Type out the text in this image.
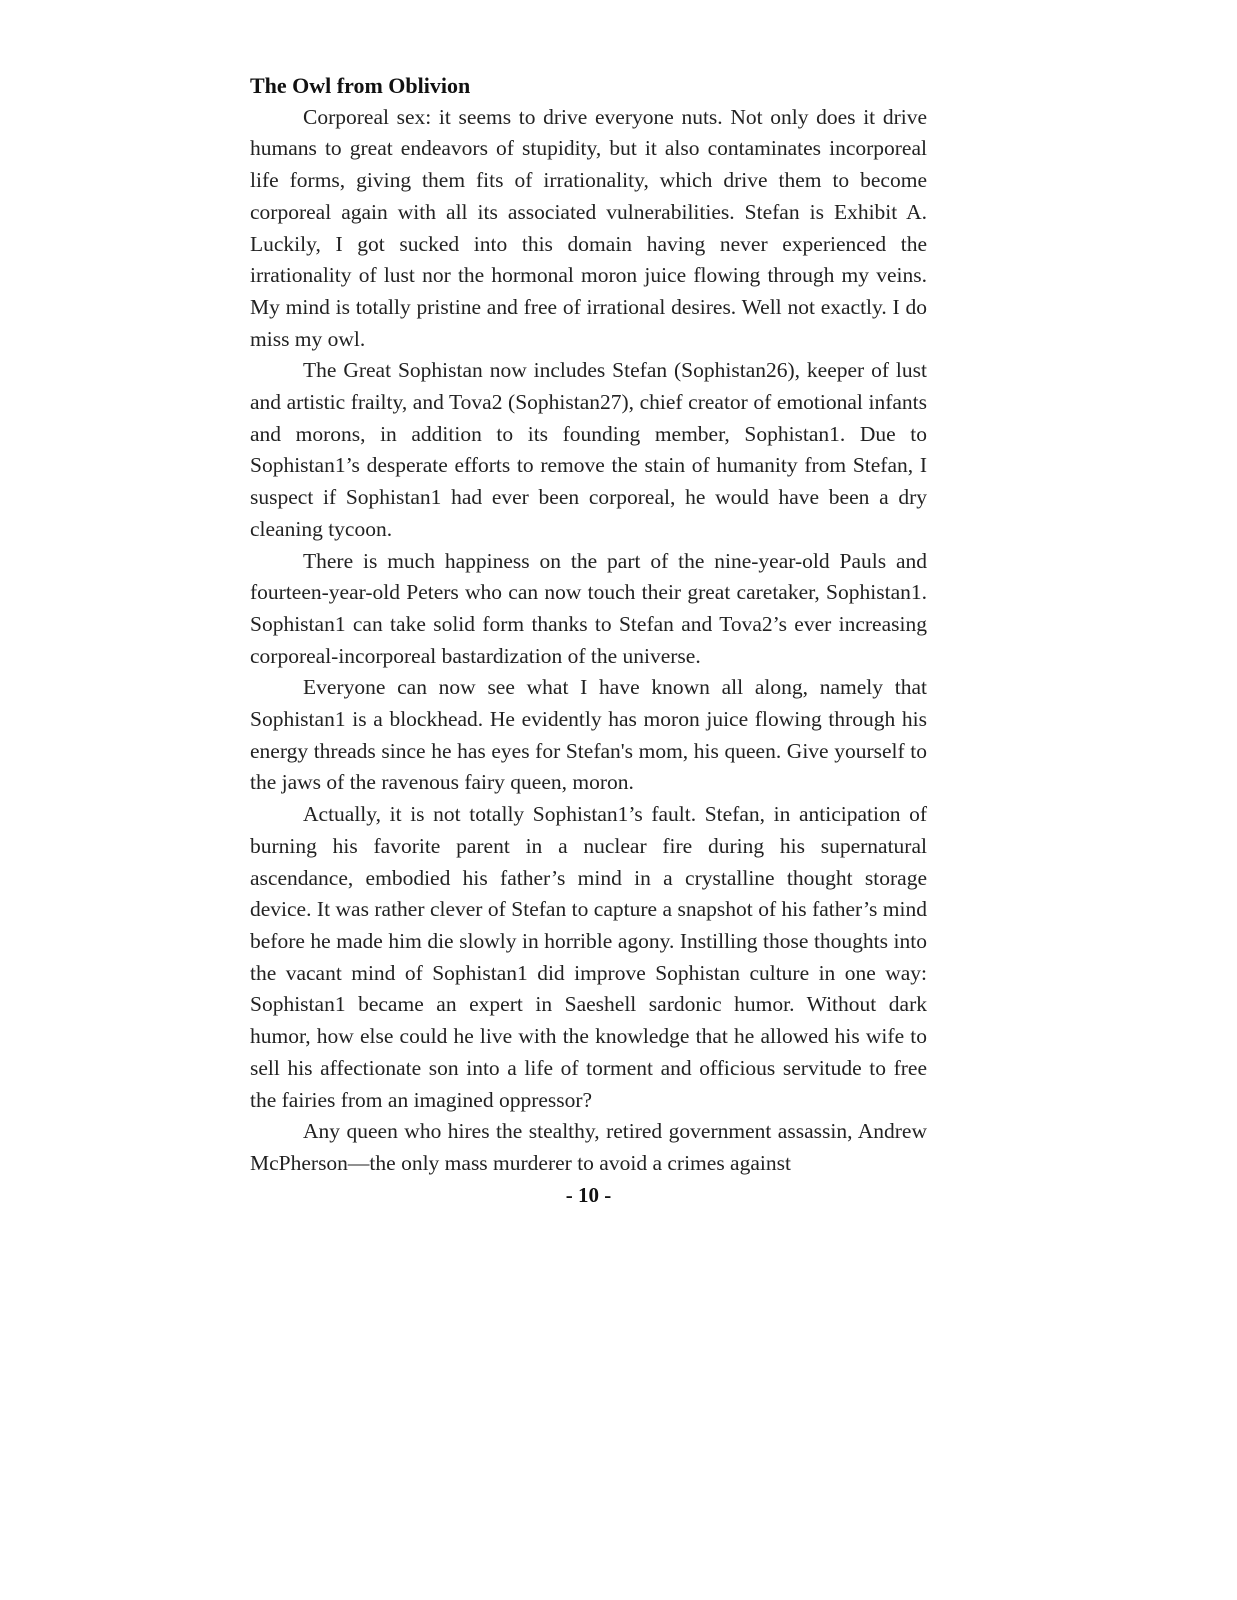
The Owl from Oblivion

Corporeal sex: it seems to drive everyone nuts. Not only does it drive humans to great endeavors of stupidity, but it also contaminates incorporeal life forms, giving them fits of irrationality, which drive them to become corporeal again with all its associated vulnerabilities. Stefan is Exhibit A. Luckily, I got sucked into this domain having never experienced the irrationality of lust nor the hormonal moron juice flowing through my veins. My mind is totally pristine and free of irrational desires. Well not exactly. I do miss my owl.

The Great Sophistan now includes Stefan (Sophistan26), keeper of lust and artistic frailty, and Tova2 (Sophistan27), chief creator of emotional infants and morons, in addition to its founding member, Sophistan1. Due to Sophistan1’s desperate efforts to remove the stain of humanity from Stefan, I suspect if Sophistan1 had ever been corporeal, he would have been a dry cleaning tycoon.

There is much happiness on the part of the nine-year-old Pauls and fourteen-year-old Peters who can now touch their great caretaker, Sophistan1. Sophistan1 can take solid form thanks to Stefan and Tova2’s ever increasing corporeal-incorporeal bastardization of the universe.

Everyone can now see what I have known all along, namely that Sophistan1 is a blockhead. He evidently has moron juice flowing through his energy threads since he has eyes for Stefan's mom, his queen. Give yourself to the jaws of the ravenous fairy queen, moron.

Actually, it is not totally Sophistan1’s fault. Stefan, in anticipation of burning his favorite parent in a nuclear fire during his supernatural ascendance, embodied his father’s mind in a crystalline thought storage device. It was rather clever of Stefan to capture a snapshot of his father’s mind before he made him die slowly in horrible agony. Instilling those thoughts into the vacant mind of Sophistan1 did improve Sophistan culture in one way: Sophistan1 became an expert in Saeshell sardonic humor. Without dark humor, how else could he live with the knowledge that he allowed his wife to sell his affectionate son into a life of torment and officious servitude to free the fairies from an imagined oppressor?

Any queen who hires the stealthy, retired government assassin, Andrew McPherson—the only mass murderer to avoid a crimes against

- 10 -
